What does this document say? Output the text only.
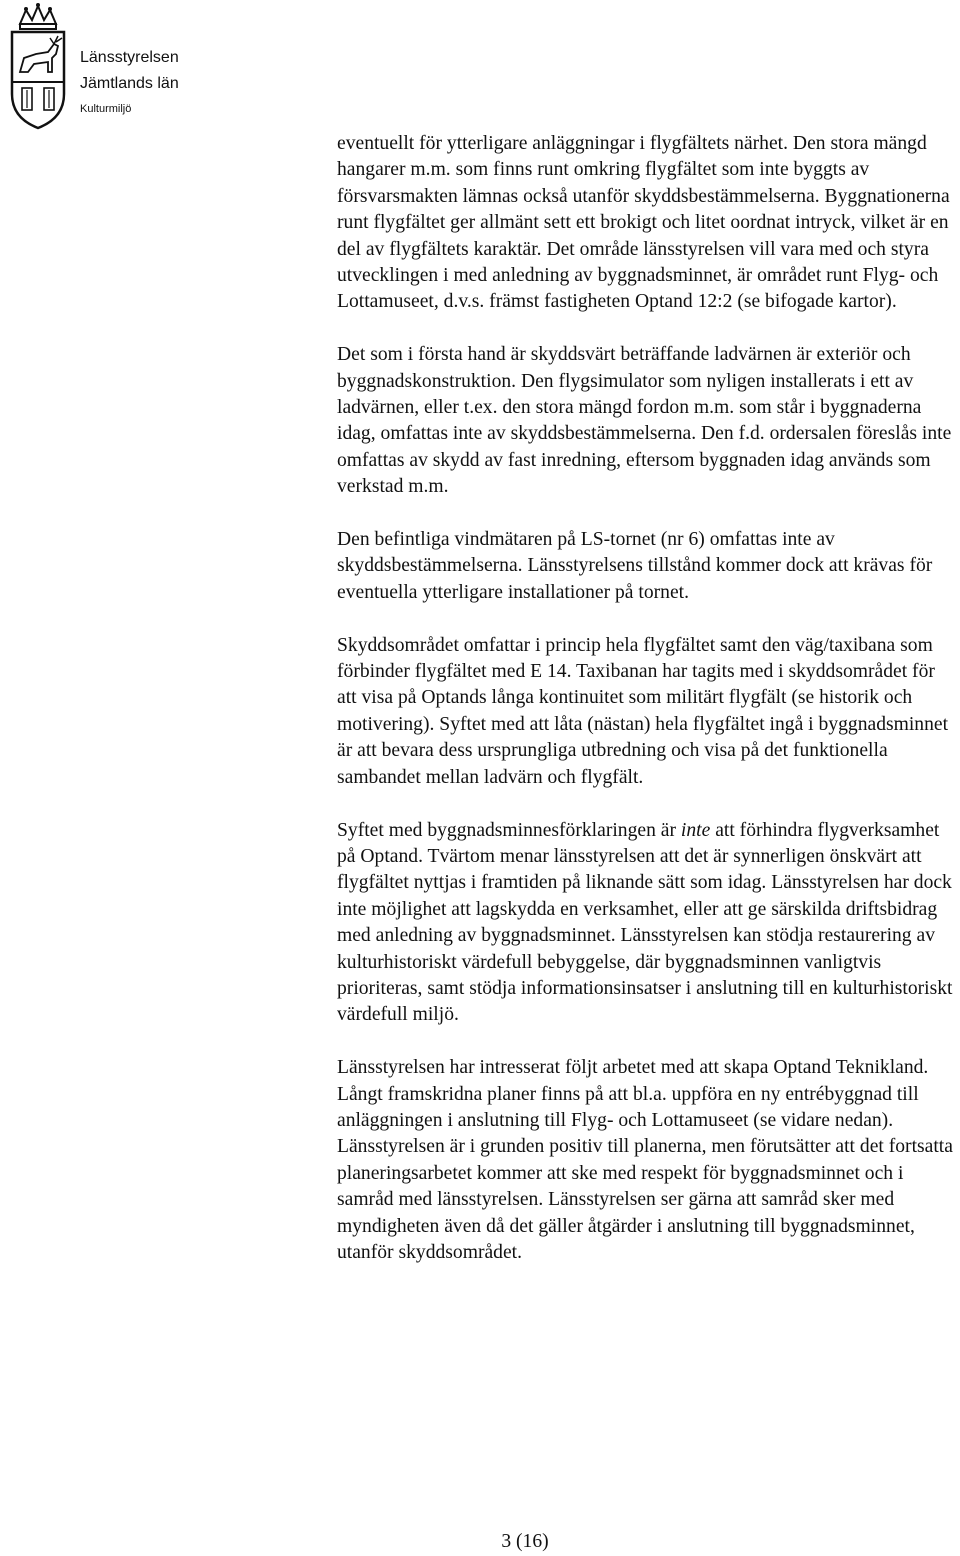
Länsstyrelsen
Jämtlands län
Kulturmiljö

eventuellt för ytterligare anläggningar i flygfältets närhet. Den stora mängd hangarer m.m. som finns runt omkring flygfältet som inte byggts av försvarsmakten lämnas också utanför skyddsbestämmelserna. Byggnationerna runt flygfältet ger allmänt sett ett brokigt och litet oordnat intryck, vilket är en del av flygfältets karaktär. Det område länsstyrelsen vill vara med och styra utvecklingen i med anledning av byggnadsminnet, är området runt Flyg- och Lottamuseet, d.v.s. främst fastigheten Optand 12:2 (se bifogade kartor).

Det som i första hand är skyddsvärt beträffande ladvärnen är exteriör och byggnadskonstruktion. Den flygsimulator som nyligen installerats i ett av ladvärnen, eller t.ex. den stora mängd fordon m.m. som står i byggnaderna idag, omfattas inte av skyddsbestämmelserna. Den f.d. ordersalen föreslås inte omfattas av skydd av fast inredning, eftersom byggnaden idag används som verkstad m.m.

Den befintliga vindmätaren på LS-tornet (nr 6) omfattas inte av skyddsbestämmelserna. Länsstyrelsens tillstånd kommer dock att krävas för eventuella ytterligare installationer på tornet.

Skyddsområdet omfattar i princip hela flygfältet samt den väg/taxibana som förbinder flygfältet med E 14. Taxibanan har tagits med i skyddsområdet för att visa på Optands långa kontinuitet som militärt flygfält (se historik och motivering). Syftet med att låta (nästan) hela flygfältet ingå i byggnadsminnet är att bevara dess ursprungliga utbredning och visa på det funktionella sambandet mellan ladvärn och flygfält.

Syftet med byggnadsminnesförklaringen är inte att förhindra flygverksamhet på Optand. Tvärtom menar länsstyrelsen att det är synnerligen önskvärt att flygfältet nyttjas i framtiden på liknande sätt som idag. Länsstyrelsen har dock inte möjlighet att lagskydda en verksamhet, eller att ge särskilda driftsbidrag med anledning av byggnadsminnet. Länsstyrelsen kan stödja restaurering av kulturhistoriskt värdefull bebyggelse, där byggnadsminnen vanligtvis prioriteras, samt stödja informationsinsatser i anslutning till en kulturhistoriskt värdefull miljö.

Länsstyrelsen har intresserat följt arbetet med att skapa Optand Teknikland. Långt framskridna planer finns på att bl.a. uppföra en ny entrébyggnad till anläggningen i anslutning till Flyg- och Lottamuseet (se vidare nedan). Länsstyrelsen är i grunden positiv till planerna, men förutsätter att det fortsatta planeringsarbetet kommer att ske med respekt för byggnadsminnet och i samråd med länsstyrelsen. Länsstyrelsen ser gärna att samråd sker med myndigheten även då det gäller åtgärder i anslutning till byggnadsminnet, utanför skyddsområdet.

3 (16)
